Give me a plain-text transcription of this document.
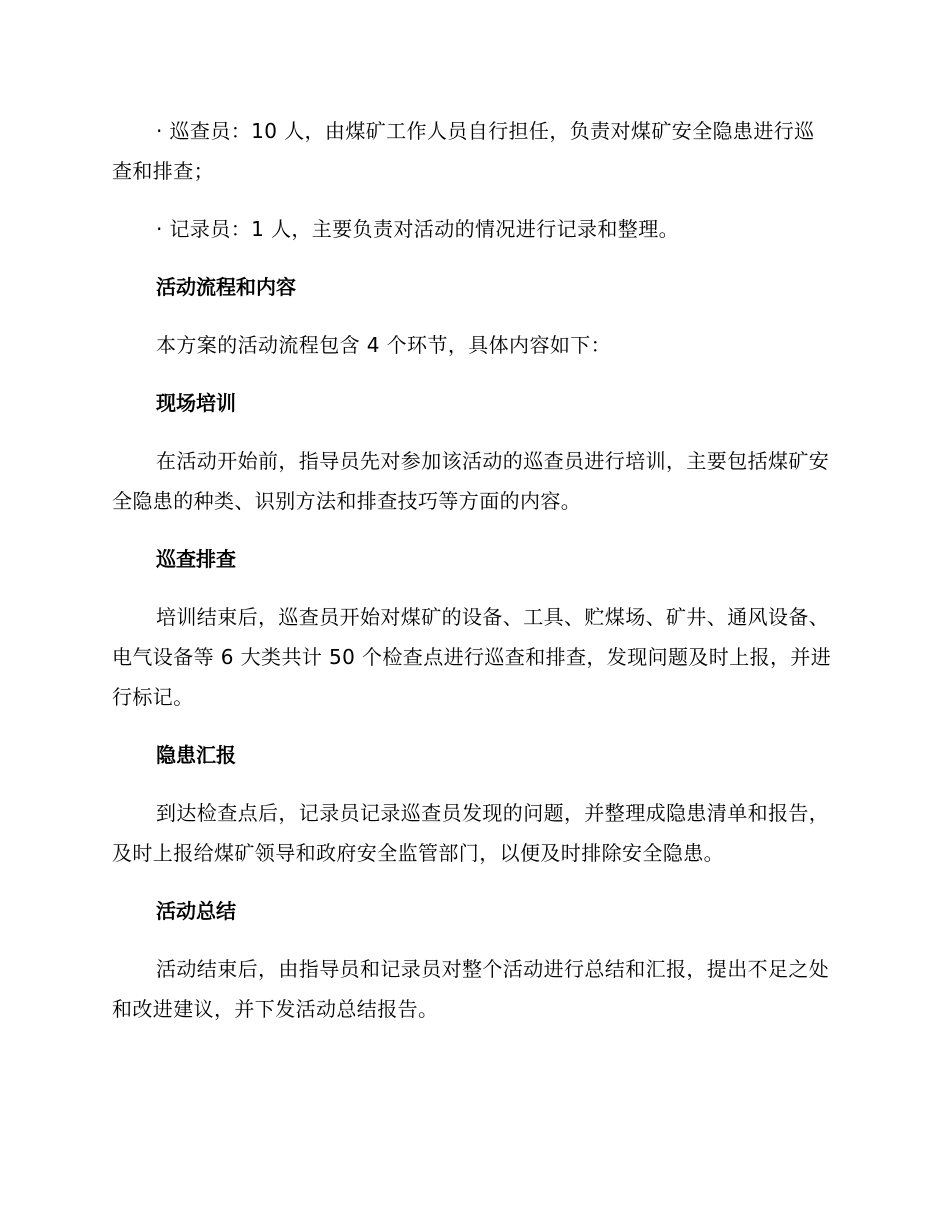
· 巡查员：10 人，由煤矿工作人员自行担任，负责对煤矿安全隐患进行巡查和排查；

· 记录员：1 人，主要负责对活动的情况进行记录和整理。

活动流程和内容

本方案的活动流程包含 4 个环节，具体内容如下：

现场培训

在活动开始前，指导员先对参加该活动的巡查员进行培训，主要包括煤矿安全隐患的种类、识别方法和排查技巧等方面的内容。

巡查排查

培训结束后，巡查员开始对煤矿的设备、工具、贮煤场、矿井、通风设备、电气设备等 6 大类共计 50 个检查点进行巡查和排查，发现问题及时上报，并进行标记。

隐患汇报

到达检查点后，记录员记录巡查员发现的问题，并整理成隐患清单和报告，及时上报给煤矿领导和政府安全监管部门，以便及时排除安全隐患。

活动总结

活动结束后，由指导员和记录员对整个活动进行总结和汇报，提出不足之处和改进建议，并下发活动总结报告。
